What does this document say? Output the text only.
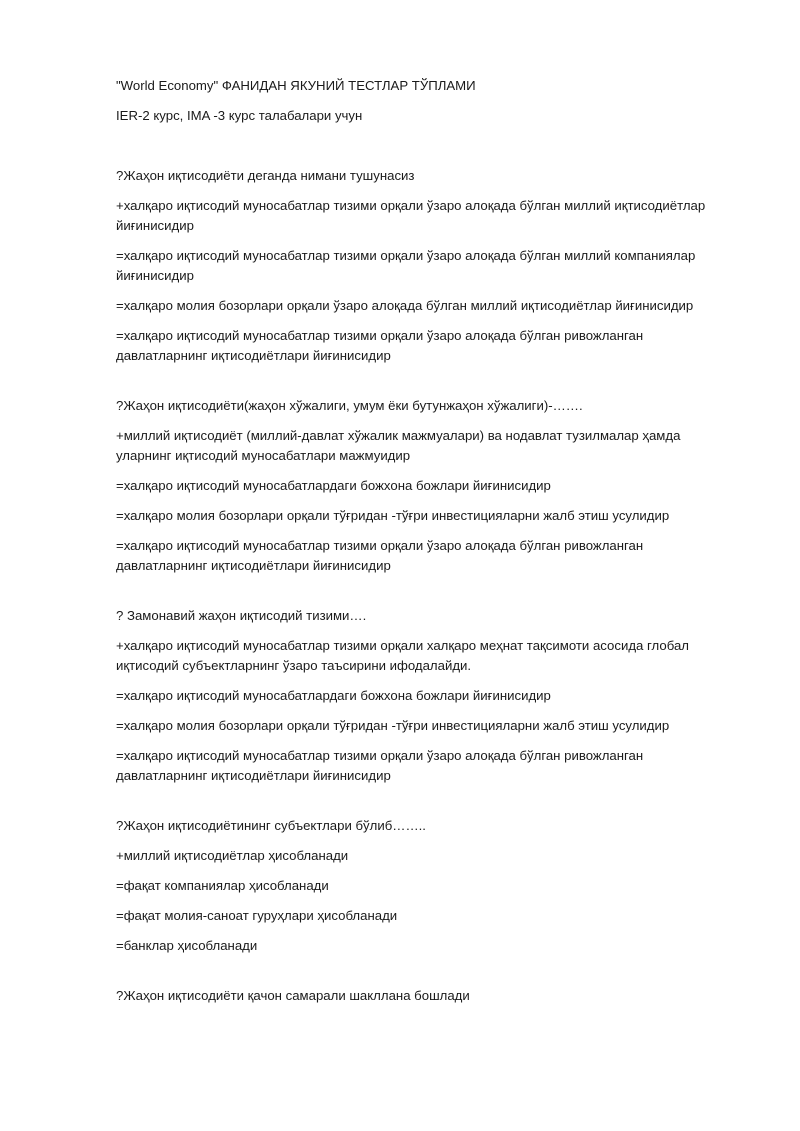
"World Economy" ФАНИДАН ЯКУНИЙ ТЕСТЛАР ТЎПЛАМИ

IER-2 курс, IMA -3 курс талабалари учун

?Жаҳон иқтисодиёти деганда нимани тушунасиз

+халқаро иқтисодий муносабатлар тизими орқали ўзаро алоқада бўлган миллий иқтисодиётлар йиғинисидир

=халқаро иқтисодий муносабатлар тизими орқали ўзаро алоқада бўлган миллий компаниялар йиғинисидир

=халқаро молия бозорлари орқали ўзаро алоқада бўлган миллий иқтисодиётлар йиғинисидир

=халқаро иқтисодий муносабатлар тизими орқали ўзаро алоқада бўлган ривожланган давлатларнинг иқтисодиётлари йиғинисидир

?Жаҳон иқтисодиёти(жаҳон хўжалиги, умум ёки бутунжаҳон хўжалиги)-…….

+миллий иқтисодиёт (миллий-давлат хўжалик мажмуалари) ва нодавлат тузилмалар ҳамда уларнинг иқтисодий муносабатлари мажмуидир

=халқаро иқтисодий муносабатлардаги божхона божлари йиғинисидир

=халқаро молия бозорлари орқали тўғридан -тўғри инвестицияларни жалб этиш усулидир

=халқаро иқтисодий муносабатлар тизими орқали ўзаро алоқада бўлган ривожланган давлатларнинг иқтисодиётлари йиғинисидир

? Замонавий жаҳон иқтисодий тизими….

+халқаро иқтисодий муносабатлар тизими орқали халқаро меҳнат тақсимоти асосида глобал иқтисодий субъектларнинг ўзаро таъсирини ифодалайди.

=халқаро иқтисодий муносабатлардаги божхона божлари йиғинисидир

=халқаро молия бозорлари орқали тўғридан -тўғри инвестицияларни жалб этиш усулидир

=халқаро иқтисодий муносабатлар тизими орқали ўзаро алоқада бўлган ривожланган давлатларнинг иқтисодиётлари йиғинисидир

?Жаҳон иқтисодиётининг субъектлари бўлиб……..

+миллий иқтисодиётлар ҳисобланади

=фақат компаниялар ҳисобланади

=фақат молия-саноат гуруҳлари ҳисобланади

=банклар ҳисобланади

?Жаҳон иқтисодиёти қачон самарали шакллана бошлади
